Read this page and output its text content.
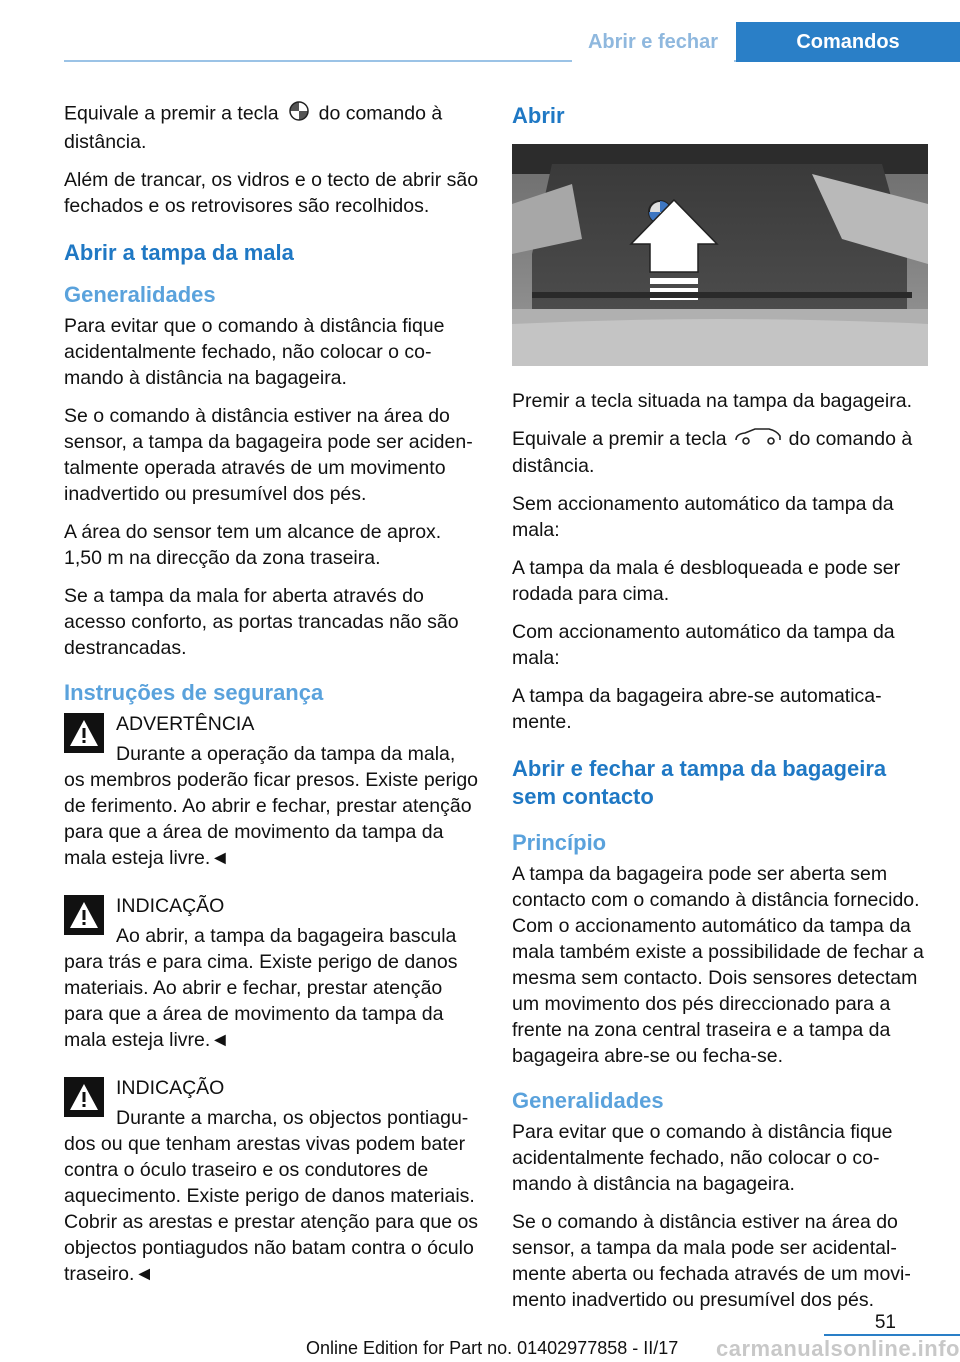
Abrir e fechar	Comandos

Equivale a premir a tecla do comando à distância.

Além de trancar, os vidros e o tecto de abrir são fechados e os retrovisores são recolhidos.

Abrir a tampa da mala
Generalidades

Para evitar que o comando à distância fique acidentalmente fechado, não colocar o comando à distância na bagageira.

Se o comando à distância estiver na área do sensor, a tampa da bagageira pode ser acidentalmente operada através de um movimento inadvertido ou presumível dos pés.

A área do sensor tem um alcance de aprox. 1,50 m na direcção da zona traseira.

Se a tampa da mala for aberta através do acesso conforto, as portas trancadas não são destrancadas.

Instruções de segurança
ADVERTÊNCIA

Durante a operação da tampa da mala, os membros poderão ficar presos. Existe perigo de ferimento. Ao abrir e fechar, prestar atenção para que a área de movimento da tampa da mala esteja livre.◄

INDICAÇÃO

Ao abrir, a tampa da bagageira bascula para trás e para cima. Existe perigo de danos materiais. Ao abrir e fechar, prestar atenção para que a área de movimento da tampa da mala esteja livre.◄

INDICAÇÃO

Durante a marcha, os objectos pontiagudos ou que tenham arestas vivas podem bater contra o óculo traseiro e os condutores de aquecimento. Existe perigo de danos materiais. Cobrir as arestas e prestar atenção para que os objectos pontiagudos não batam contra o óculo traseiro.◄

Abrir

Premir a tecla situada na tampa da bagageira.

Equivale a premir a tecla	do comando à distância.

Sem accionamento automático da tampa da mala:

A tampa da mala é desbloqueada e pode ser rodada para cima.

Com accionamento automático da tampa da mala:

A tampa da bagageira abre-se automaticamente.

Abrir e fechar a tampa da bagageira sem contacto
Princípio

A tampa da bagageira pode ser aberta sem contacto com o comando à distância fornecido. Com o accionamento automático da tampa da mala também existe a possibilidade de fechar a mesma sem contacto. Dois sensores detectam um movimento dos pés direccionado para a frente na zona central traseira e a tampa da bagageira abre-se ou fecha-se.

Generalidades

Para evitar que o comando à distância fique acidentalmente fechado, não colocar o comando à distância na bagageira.

Se o comando à distância estiver na área do sensor, a tampa da mala pode ser acidentalmente aberta ou fechada através de um movimento inadvertido ou presumível dos pés.

51
Online Edition for Part no. 01402977858 - II/17 carmanualsonline.info
